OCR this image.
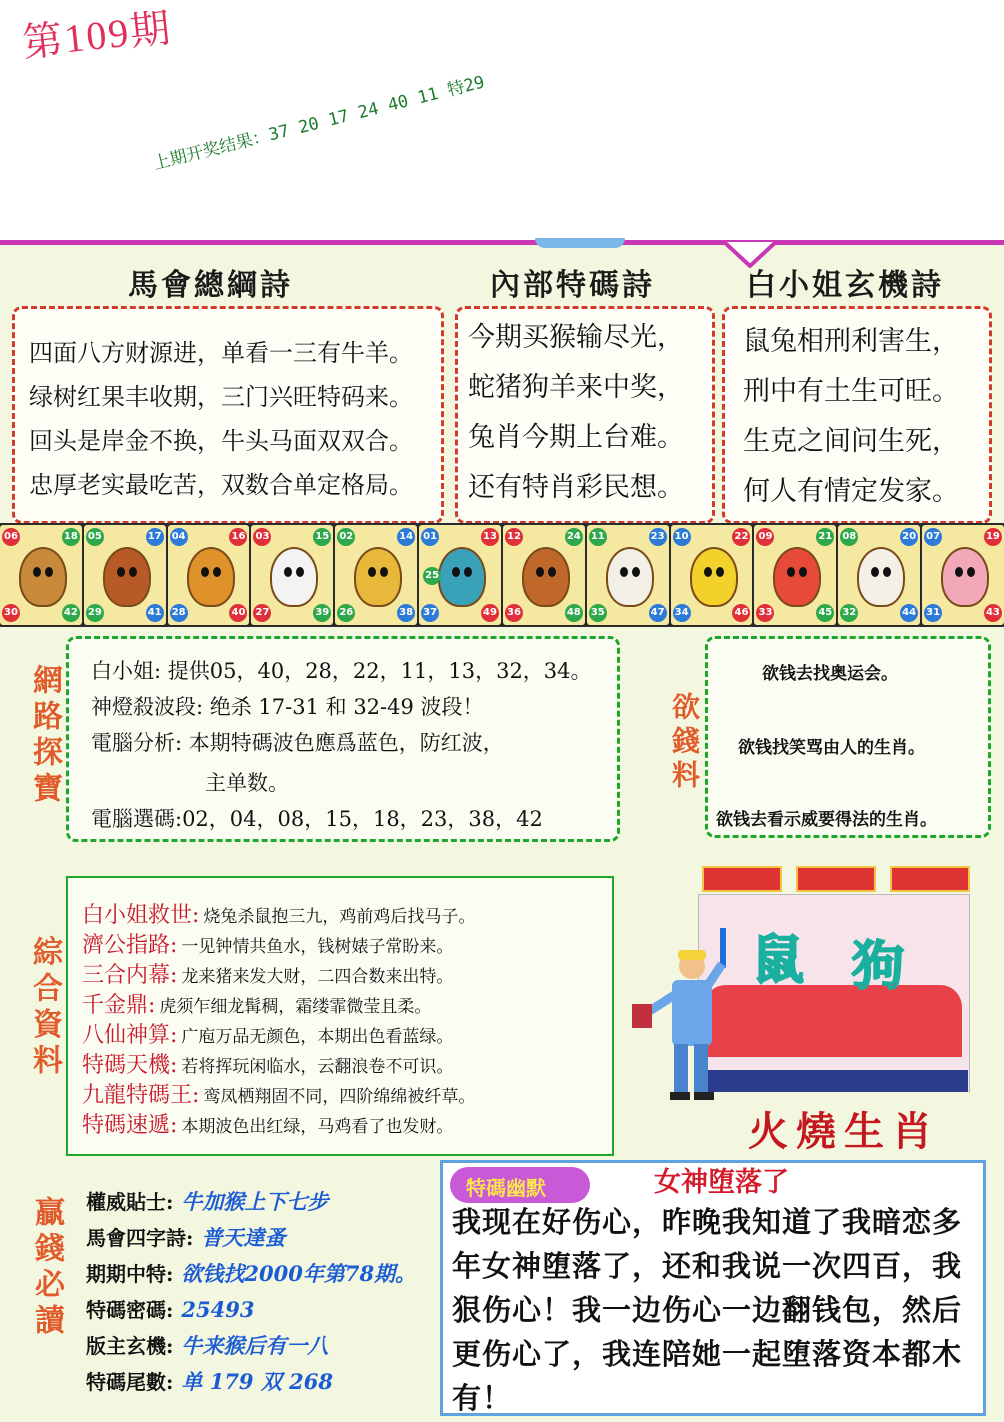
第109期
上期开奖结果：37 20 17 24 40 11 特29
馬會總綱詩	內部特碼詩	白小姐玄機詩
四面八方财源进，单看一三有牛羊。
绿树红果丰收期，三门兴旺特码来。
回头是岸金不换，牛头马面双双合。
忠厚老实最吃苦，双数合单定格局。
今期买猴输尽光，
蛇猪狗羊来中奖，
兔肖今期上台难。
还有特肖彩民想。
鼠兔相刑利害生，
刑中有土生可旺。
生克之间问生死，
何人有情定发家。
06	18
30	42
05	17
29	41
04	16
28	40
03	15
27	39
02	14
26	38
01	13
25
37	49
12	24
36	48
11	23
35	47
10	22
34	46
09	21
33	45
08	20
32	44
07	19
31	43
網路探寶 白小姐: 提供05，40，28，22，11，13，32，34。
神燈殺波段: 绝杀 17-31 和 32-49 波段！
電腦分析: 本期特碼波色應爲蓝色，防红波，
主单数。
電腦選碼:02，04，08，15，18，23，38，42
欲錢料
欲钱去找奥运会。
欲钱找笑骂由人的生肖。
欲钱去看示威要得法的生肖。
綜合資料
白小姐救世: 烧兔杀鼠抱三九，鸡前鸡后找马子。
濟公指路: 一见钟情共鱼水，钱树婊子常盼来。
三合内幕: 龙来猪来发大财，二四合数来出特。
千金鼎: 虎须乍细龙髯稠，霜缕霏微莹且柔。
八仙神算: 广庖万品无颜色，本期出色看蓝绿。
特碼天機: 若将挥玩闲临水，云翻浪卷不可识。
九龍特碼王: 鸾凤栖翔固不同，四阶绵绵被纤草。
特碼速遞: 本期波色出红绿，马鸡看了也发财。
鼠 狗
火燒生肖
贏錢必讀 權威貼士: 牛加猴上下七步
馬會四字詩: 普天達蚤
期期中特: 欲钱找2000年第78期。
特碼密碼: 25493
版主玄機: 牛来猴后有一八
特碼尾數: 单 179 双 268
特碼幽默	女神堕落了
我现在好伤心，昨晚我知道了我暗恋多年女神堕落了，还和我说一次四百，我狠伤心！我一边伤心一边翻钱包，然后更伤心了，我连陪她一起堕落资本都木有！
